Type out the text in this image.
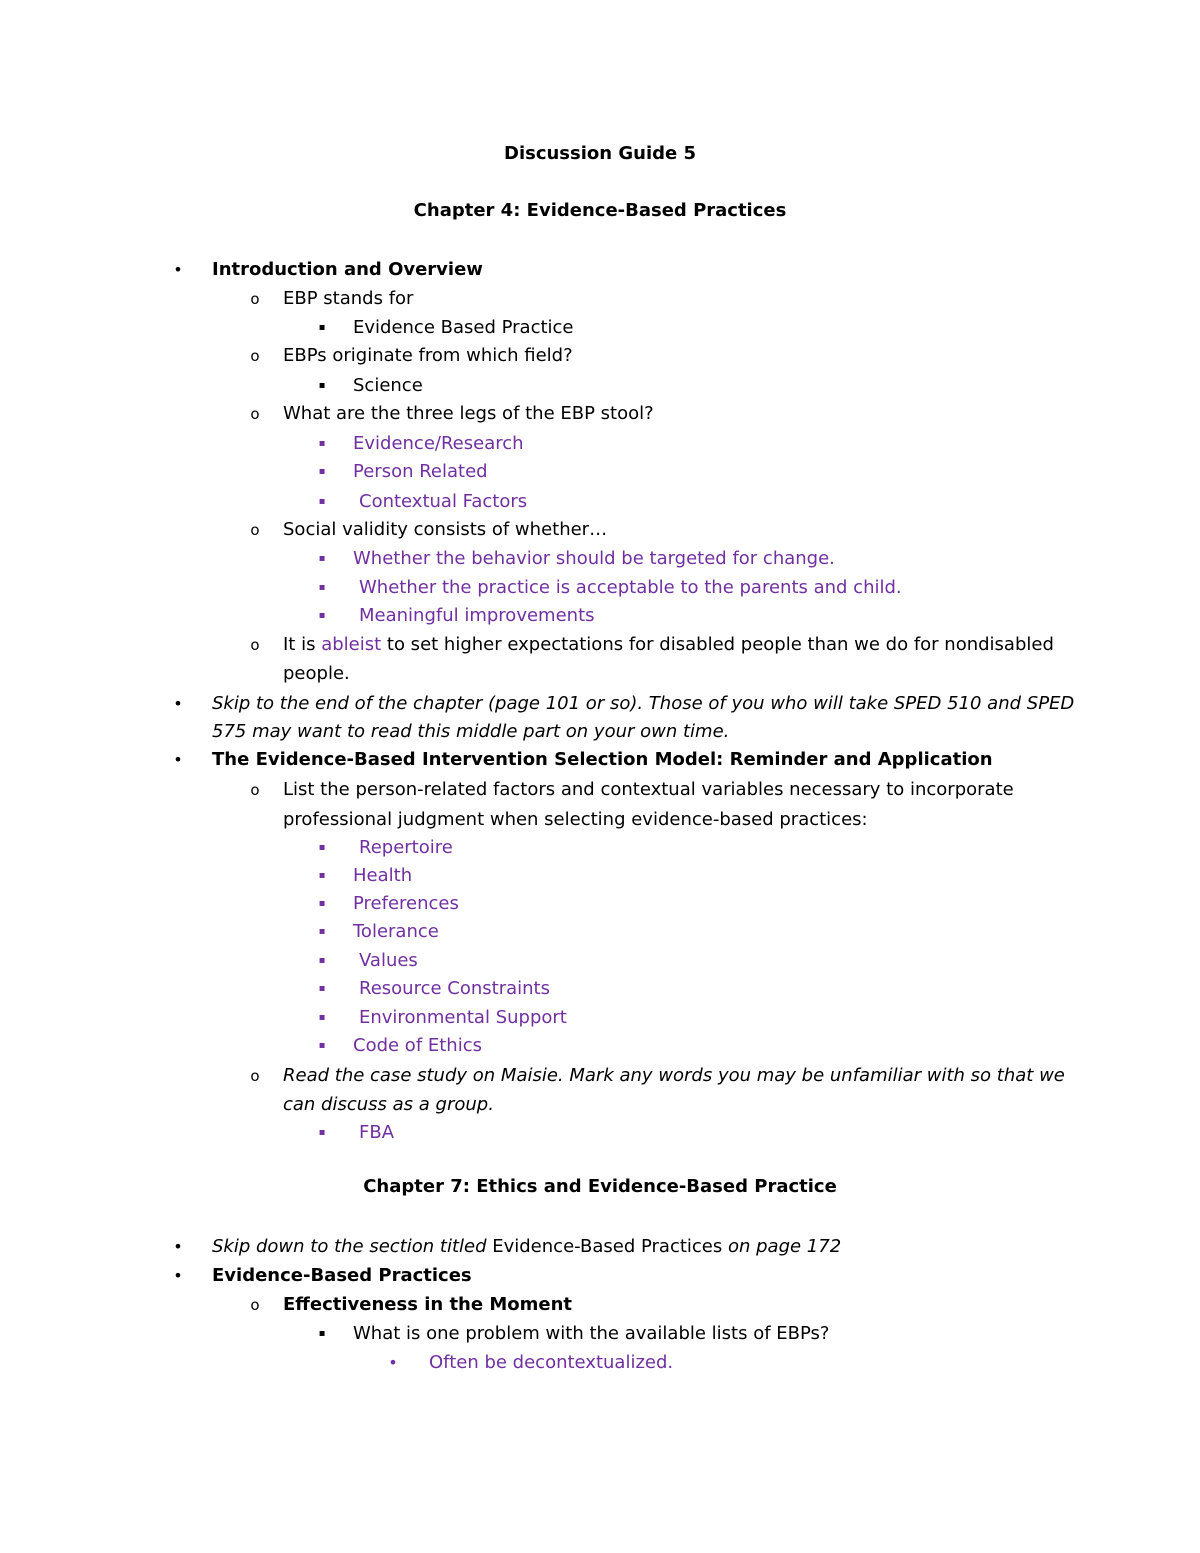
Discussion Guide 5
Chapter 4: Evidence-Based Practices
• Introduction and Overview
o EBP stands for
▪ Evidence Based Practice
o EBPs originate from which field?
▪ Science
o What are the three legs of the EBP stool?
▪ Evidence/Research
▪ Person Related
▪ Contextual Factors
o Social validity consists of whether…
▪ Whether the behavior should be targeted for change.
▪ Whether the practice is acceptable to the parents and child.
▪ Meaningful improvements
o It is ableist to set higher expectations for disabled people than we do for nondisabled
people.
• Skip to the end of the chapter (page 101 or so). Those of you who will take SPED 510 and SPED
575 may want to read this middle part on your own time.
• The Evidence-Based Intervention Selection Model: Reminder and Application
o List the person-related factors and contextual variables necessary to incorporate
professional judgment when selecting evidence-based practices:
▪ Repertoire
▪ Health
▪ Preferences
▪ Tolerance
▪ Values
▪ Resource Constraints
▪ Environmental Support
▪ Code of Ethics
o Read the case study on Maisie. Mark any words you may be unfamiliar with so that we
can discuss as a group.
▪ FBA
Chapter 7: Ethics and Evidence-Based Practice
• Skip down to the section titled Evidence-Based Practices on page 172
• Evidence-Based Practices
o Effectiveness in the Moment
▪ What is one problem with the available lists of EBPs?
• Often be decontextualized.
